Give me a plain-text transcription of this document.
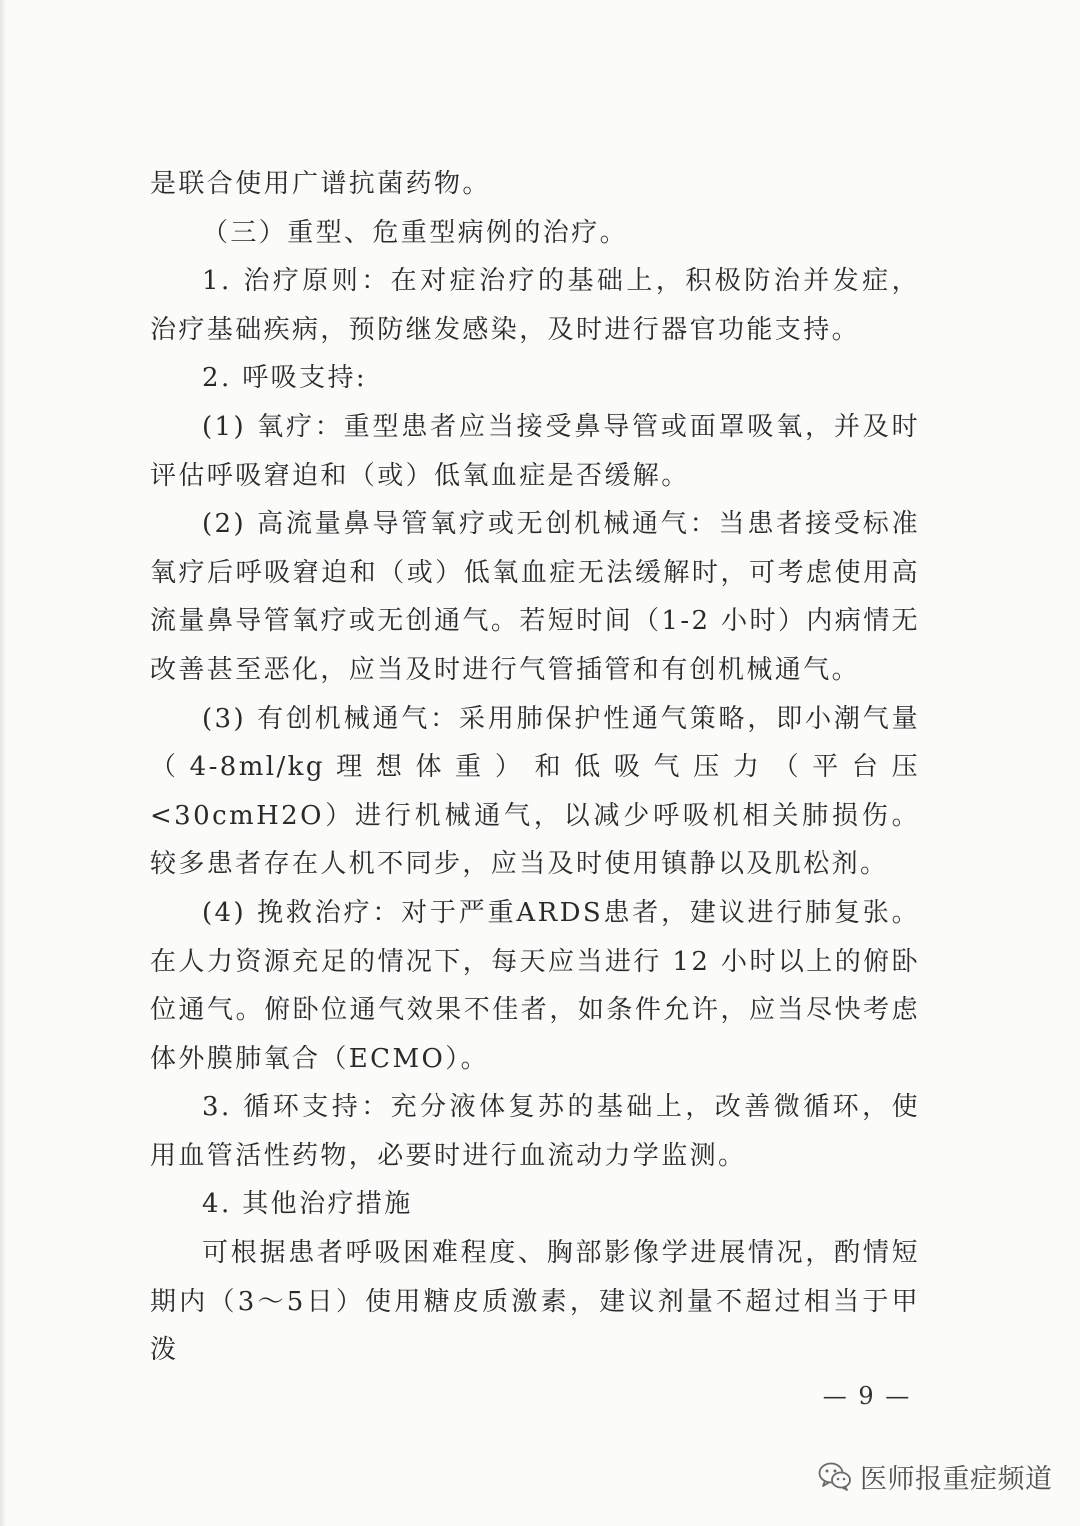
是联合使用广谱抗菌药物。

（三）重型、危重型病例的治疗。

1. 治疗原则：在对症治疗的基础上，积极防治并发症，治疗基础疾病，预防继发感染，及时进行器官功能支持。

2. 呼吸支持:

(1) 氧疗：重型患者应当接受鼻导管或面罩吸氧，并及时评估呼吸窘迫和（或）低氧血症是否缓解。

(2) 高流量鼻导管氧疗或无创机械通气：当患者接受标准氧疗后呼吸窘迫和（或）低氧血症无法缓解时，可考虑使用高流量鼻导管氧疗或无创通气。若短时间（1-2 小时）内病情无改善甚至恶化，应当及时进行气管插管和有创机械通气。

(3) 有创机械通气：采用肺保护性通气策略，即小潮气量（4-8ml/kg理想体重）和低吸气压力（平台压<30cmH2O）进行机械通气，以减少呼吸机相关肺损伤。较多患者存在人机不同步，应当及时使用镇静以及肌松剂。

(4) 挽救治疗：对于严重ARDS患者，建议进行肺复张。在人力资源充足的情况下，每天应当进行 12 小时以上的俯卧位通气。俯卧位通气效果不佳者，如条件允许，应当尽快考虑体外膜肺氧合（ECMO）。

3. 循环支持：充分液体复苏的基础上，改善微循环，使用血管活性药物，必要时进行血流动力学监测。

4. 其他治疗措施

可根据患者呼吸困难程度、胸部影像学进展情况，酌情短期内（3～5日）使用糖皮质激素，建议剂量不超过相当于甲泼

— 9 —
医师报重症频道
